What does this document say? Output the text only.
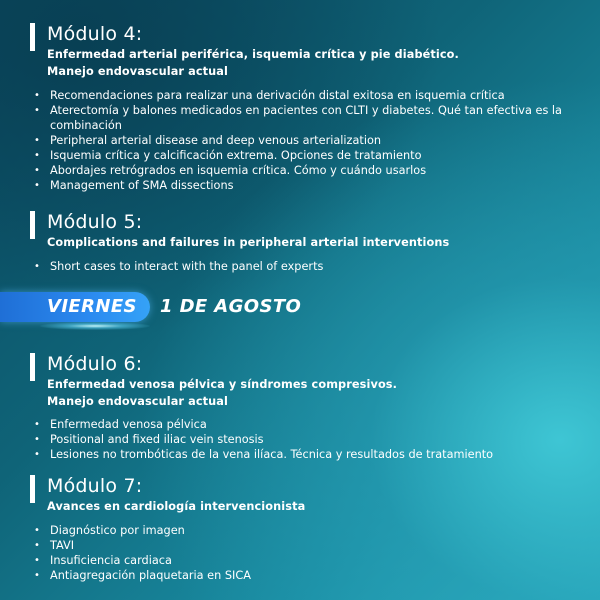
Módulo 4:
Enfermedad arterial periférica, isquemia crítica y pie diabético.
Manejo endovascular actual
• Recomendaciones para realizar una derivación distal exitosa en isquemia crítica
• Aterectomía y balones medicados en pacientes con CLTI y diabetes. Qué tan efectiva es la combinación
• Peripheral arterial disease and deep venous arterialization
• Isquemia crítica y calcificación extrema. Opciones de tratamiento
• Abordajes retrógrados en isquemia crítica. Cómo y cuándo usarlos
• Management of SMA dissections
Módulo 5:
Complications and failures in peripheral arterial interventions
• Short cases to interact with the panel of experts
VIERNES 1 DE AGOSTO
Módulo 6:
Enfermedad venosa pélvica y síndromes compresivos.
Manejo endovascular actual
• Enfermedad venosa pélvica
• Positional and fixed iliac vein stenosis
• Lesiones no trombóticas de la vena ilíaca. Técnica y resultados de tratamiento
Módulo 7:
Avances en cardiología intervencionista
• Diagnóstico por imagen
• TAVI
• Insuficiencia cardiaca
• Antiagregación plaquetaria en SICA
